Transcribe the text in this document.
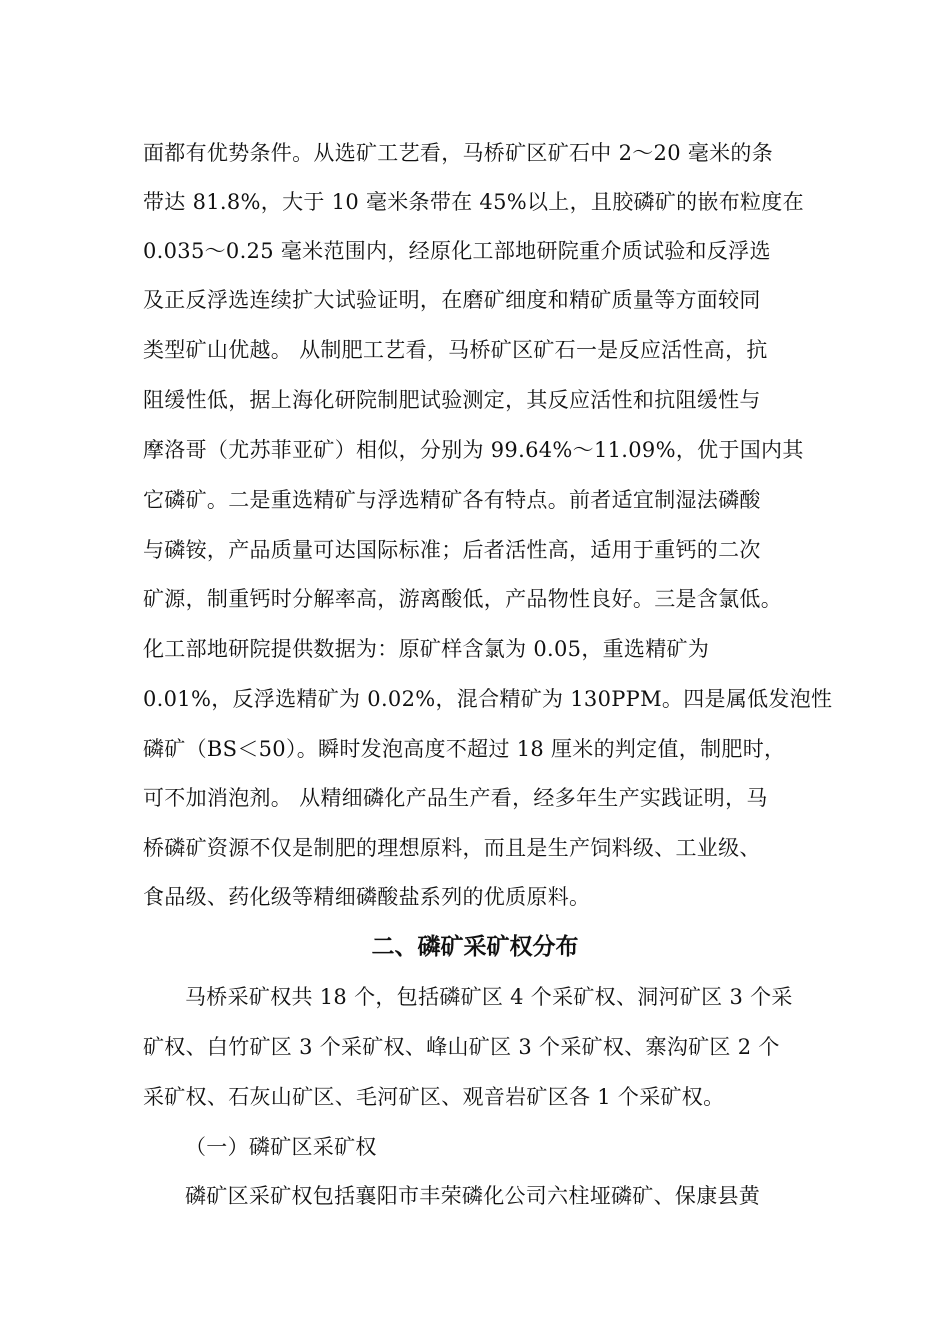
面都有优势条件。从选矿工艺看，马桥矿区矿石中 2～20 毫米的条
带达 81.8%，大于 10 毫米条带在 45%以上，且胶磷矿的嵌布粒度在
0.035～0.25 毫米范围内，经原化工部地研院重介质试验和反浮选
及正反浮选连续扩大试验证明，在磨矿细度和精矿质量等方面较同
类型矿山优越。 从制肥工艺看，马桥矿区矿石一是反应活性高，抗
阻缓性低，据上海化研院制肥试验测定，其反应活性和抗阻缓性与
摩洛哥（尤苏菲亚矿）相似，分别为 99.64%～11.09%，优于国内其
它磷矿。二是重选精矿与浮选精矿各有特点。前者适宜制湿法磷酸
与磷铵，产品质量可达国际标准；后者活性高，适用于重钙的二次
矿源，制重钙时分解率高，游离酸低，产品物性良好。三是含氯低。
化工部地研院提供数据为：原矿样含氯为 0.05，重选精矿为
0.01%，反浮选精矿为 0.02%，混合精矿为 130PPM。四是属低发泡性
磷矿（BS＜50）。瞬时发泡高度不超过 18 厘米的判定值，制肥时，
可不加消泡剂。 从精细磷化产品生产看，经多年生产实践证明，马
桥磷矿资源不仅是制肥的理想原料，而且是生产饲料级、工业级、
食品级、药化级等精细磷酸盐系列的优质原料。
二、磷矿采矿权分布
马桥采矿权共 18 个，包括磷矿区 4 个采矿权、洞河矿区 3 个采
矿权、白竹矿区 3 个采矿权、峰山矿区 3 个采矿权、寨沟矿区 2 个
采矿权、石灰山矿区、毛河矿区、观音岩矿区各 1 个采矿权。
（一）磷矿区采矿权
磷矿区采矿权包括襄阳市丰荣磷化公司六柱垭磷矿、保康县黄
